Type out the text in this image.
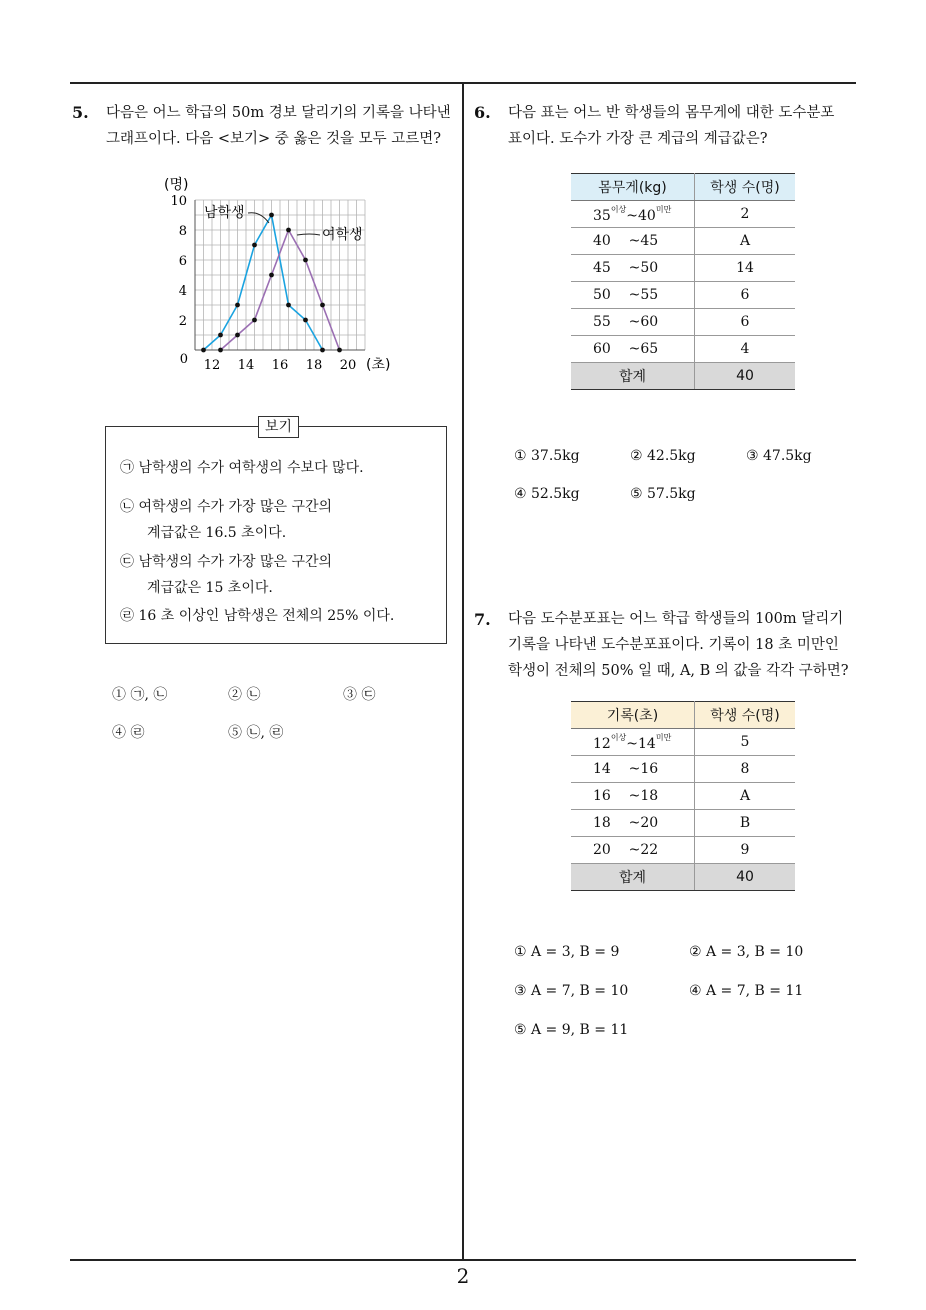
5. 다음은 어느 학급의 50m 경보 달리기의 기록을 나타낸
그래프이다. 다음 <보기> 중 옳은 것을 모두 고르면?
(명)
0
2
4
6
8
10
12 14 16 18 20 (초)
남학생
여학생
보기
㉠ 남학생의 수가 여학생의 수보다 많다.
㉡ 여학생의 수가 가장 많은 구간의
계급값은 16.5 초이다.
㉢ 남학생의 수가 가장 많은 구간의
계급값은 15 초이다.
㉣ 16 초 이상인 남학생은 전체의 25% 이다.
① ㉠, ㉡	② ㉡	③ ㉢
④ ㉣	⑤ ㉡, ㉣
6. 다음 표는 어느 반 학생들의 몸무게에 대한 도수분포
표이다. 도수가 가장 큰 계급의 계급값은?
몸무게(kg)	학생 수(명)
$35^{이상}\sim 40^{미만}$	2
40 ~45	A
45 ~50	14
50 ~55	6
55 ~60	6
60 ~65	4
합계	40
① 37.5kg	② 42.5kg	③ 47.5kg
④ 52.5kg	⑤ 57.5kg
7. 다음 도수분포표는 어느 학급 학생들의 100m 달리기
기록을 나타낸 도수분포표이다. 기록이 18 초 미만인
학생이 전체의 50% 일 때, A, B 의 값을 각각 구하면?
기록(초)	학생 수(명)
$12^{이상}\sim 14^{미만}$	5
14 ~16	8
16 ~18	A
18 ~20	B
20 ~22	9
합계	40
① A = 3, B = 9	② A = 3, B = 10
③ A = 7, B = 10	④ A = 7, B = 11
⑤ A = 9, B = 11
2
